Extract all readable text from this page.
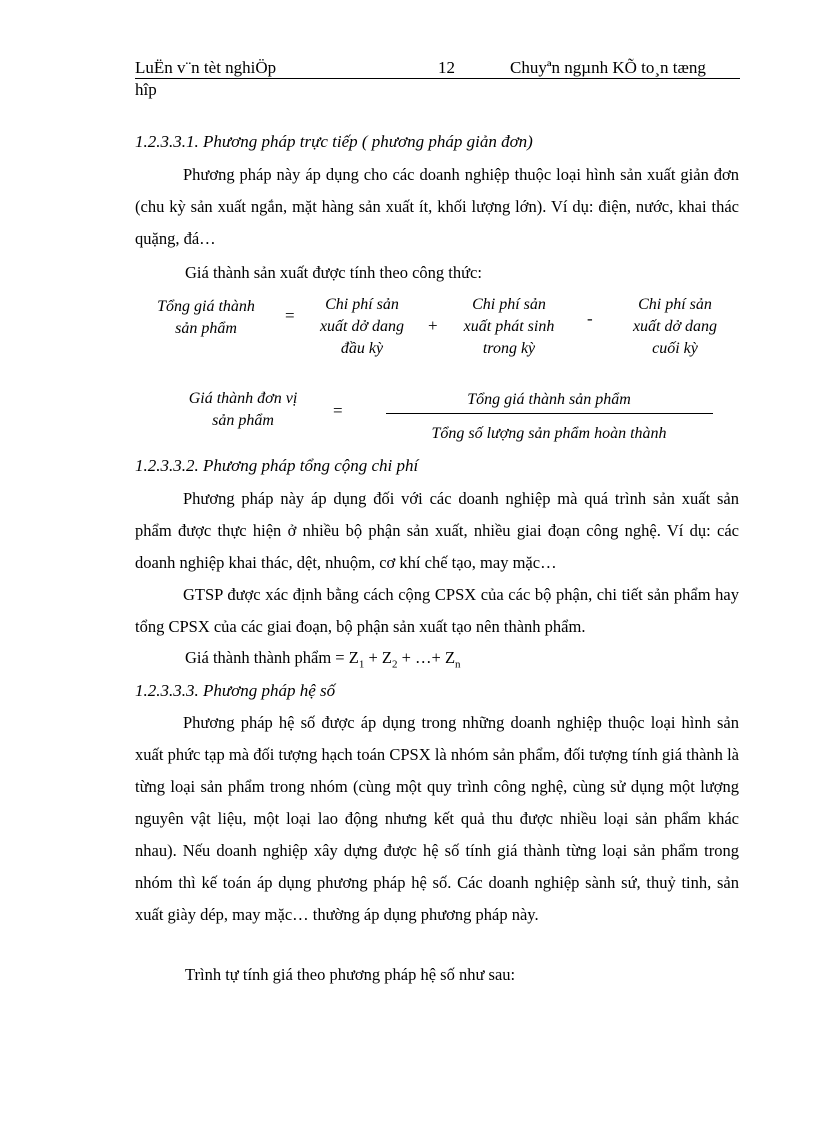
LuËn v¨n tèt nghiÖp	12	Chuyªn ngµnh KÕ to¸n tæng
hîp
1.2.3.3.1. Phương pháp trực tiếp ( phương pháp giản đơn)
Phương pháp này áp dụng cho các doanh nghiệp thuộc loại hình sản xuất giản đơn (chu kỳ sản xuất ngắn, mặt hàng sản xuất ít, khối lượng lớn). Ví dụ: điện, nước, khai thác quặng, đá…
Giá thành sản xuất được tính theo công thức:
Tổng giá thành
sản phẩm
=
Chi phí sản
xuất dở dang
đầu kỳ
+
Chi phí sản
xuất phát sinh
trong kỳ
-
Chi phí sản
xuất dở dang
cuối kỳ
Giá thành đơn vị
sản phẩm
=
Tổng giá thành sản phẩm
Tổng số lượng sản phẩm hoàn thành
1.2.3.3.2. Phương pháp tổng cộng chi phí
Phương pháp này áp dụng đối với các doanh nghiệp mà quá trình sản xuất sản phẩm được thực hiện ở nhiều bộ phận sản xuất, nhiều giai đoạn công nghệ. Ví dụ: các doanh nghiệp khai thác, dệt, nhuộm, cơ khí chế tạo, may mặc…
GTSP được xác định bằng cách cộng CPSX của các bộ phận, chi tiết sản phẩm hay tổng CPSX của các giai đoạn, bộ phận sản xuất tạo nên thành phẩm.
Giá thành thành phẩm = $Z_1 + Z_2$ + …+ $Z_n$
1.2.3.3.3. Phương pháp hệ số
Phương pháp hệ số được áp dụng trong những doanh nghiệp thuộc loại hình sản xuất phức tạp mà đối tượng hạch toán CPSX là nhóm sản phẩm, đối tượng tính giá thành là từng loại sản phẩm trong nhóm (cùng một quy trình công nghệ, cùng sử dụng một lượng nguyên vật liệu, một loại lao động nhưng kết quả thu được nhiều loại sản phẩm khác nhau). Nếu doanh nghiệp xây dựng được hệ số tính giá thành từng loại sản phẩm trong nhóm thì kế toán áp dụng phương pháp hệ số. Các doanh nghiệp sành sứ, thuỷ tinh, sản xuất giày dép, may mặc… thường áp dụng phương pháp này.
Trình tự tính giá theo phương pháp hệ số như sau:
